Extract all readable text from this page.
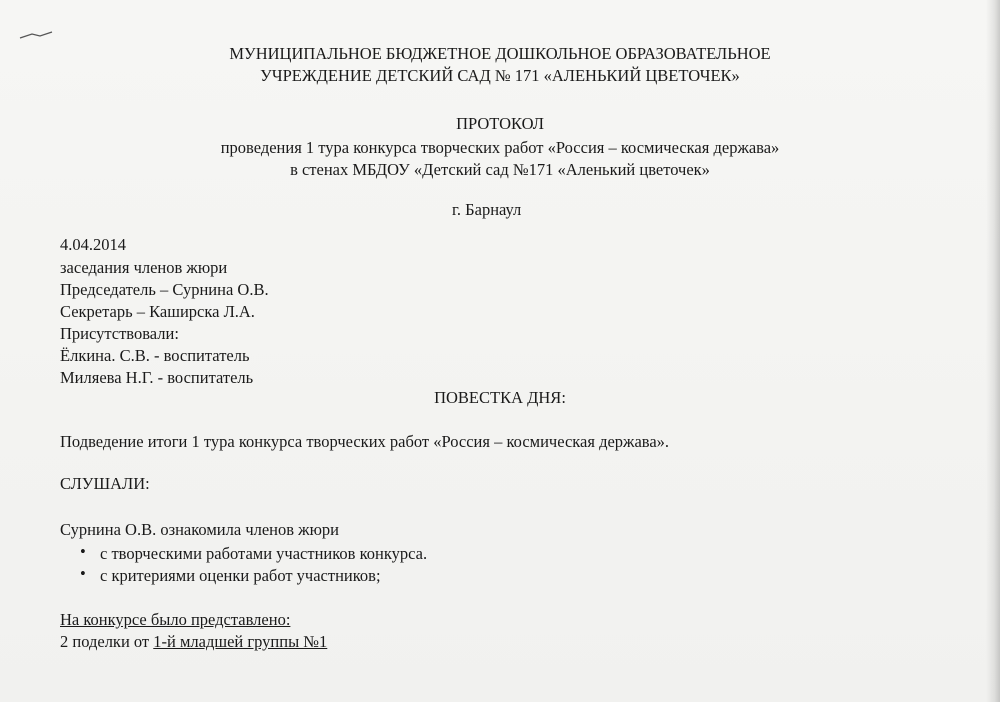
МУНИЦИПАЛЬНОЕ БЮДЖЕТНОЕ ДОШКОЛЬНОЕ ОБРАЗОВАТЕЛЬНОЕ
УЧРЕЖДЕНИЕ ДЕТСКИЙ САД № 171 «АЛЕНЬКИЙ ЦВЕТОЧЕК»
ПРОТОКОЛ
проведения 1 тура конкурса творческих работ «Россия – космическая держава»
в стенах МБДОУ «Детский сад №171 «Аленький цветочек»
г. Барнаул
4.04.2014
заседания членов жюри
Председатель – Сурнина О.В.
Секретарь – Каширска Л.А.
Присутствовали:
Ёлкина. С.В. - воспитатель
Миляева Н.Г. - воспитатель
ПОВЕСТКА ДНЯ:
Подведение итоги 1 тура конкурса творческих работ «Россия – космическая держава».
СЛУШАЛИ:
Сурнина О.В. ознакомила членов жюри
• с творческими работами участников конкурса.
• с критериями оценки работ участников;
На конкурсе было представлено:
2 поделки от 1-й младшей группы №1
